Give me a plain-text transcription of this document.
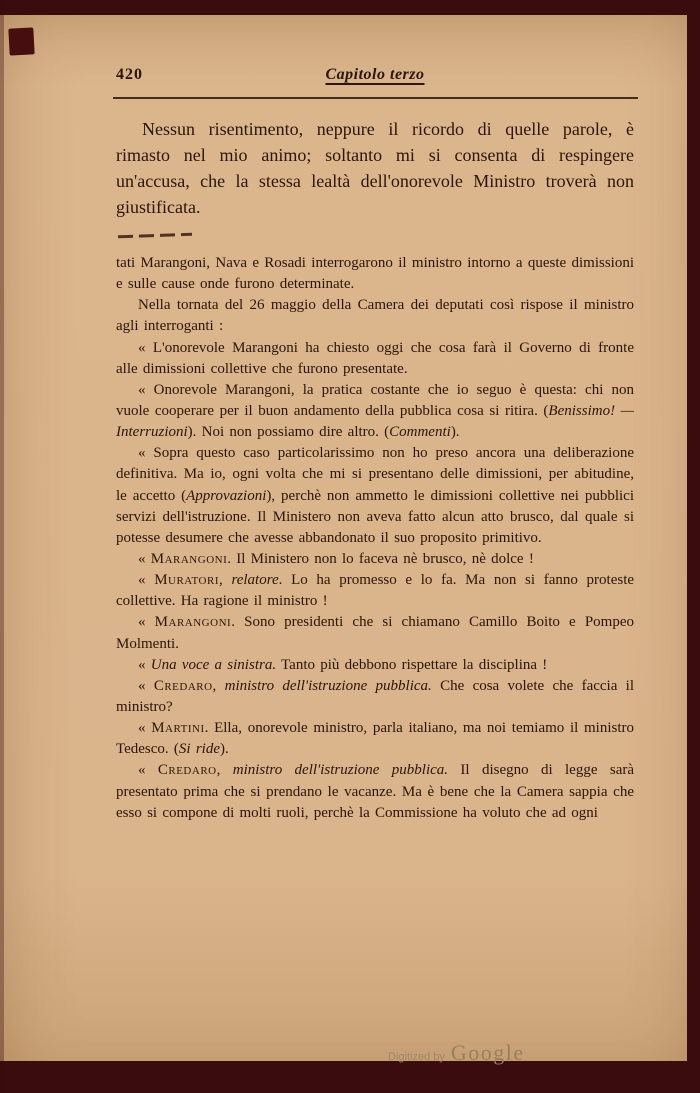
420	Capitolo terzo

Nessun risentimento, neppure il ricordo di quelle parole, è rimasto nel mio animo; soltanto mi si consenta di respingere un'accusa, che la stessa lealtà dell'onorevole Ministro troverà non giustificata.

tati Marangoni, Nava e Rosadi interrogarono il ministro intorno a queste dimissioni e sulle cause onde furono determinate.

Nella tornata del 26 maggio della Camera dei deputati così rispose il ministro agli interroganti :

« L'onorevole Marangoni ha chiesto oggi che cosa farà il Governo di fronte alle dimissioni collettive che furono presentate.

« Onorevole Marangoni, la pratica costante che io seguo è questa: chi non vuole cooperare per il buon andamento della pubblica cosa si ritira. (Benissimo! — Interruzioni). Noi non possiamo dire altro. (Commenti).

« Sopra questo caso particolarissimo non ho preso ancora una deliberazione definitiva. Ma io, ogni volta che mi si presentano delle dimissioni, per abitudine, le accetto (Approvazioni), perchè non ammetto le dimissioni collettive nei pubblici servizi dell'istruzione. Il Ministero non aveva fatto alcun atto brusco, dal quale si potesse desumere che avesse abbandonato il suo proposito primitivo.

« Marangoni. Il Ministero non lo faceva nè brusco, nè dolce !

« Muratori, relatore. Lo ha promesso e lo fa. Ma non si fanno proteste collettive. Ha ragione il ministro !

« Marangoni. Sono presidenti che si chiamano Camillo Boito e Pompeo Molmenti.

« Una voce a sinistra. Tanto più debbono rispettare la disciplina !

« Credaro, ministro dell'istruzione pubblica. Che cosa volete che faccia il ministro?

« Martini. Ella, onorevole ministro, parla italiano, ma noi temiamo il ministro Tedesco. (Si ride).

« Credaro, ministro dell'istruzione pubblica. Il disegno di legge sarà presentato prima che si prendano le vacanze. Ma è bene che la Camera sappia che esso si compone di molti ruoli, perchè la Commissione ha voluto che ad ogni

Digitized by Google
